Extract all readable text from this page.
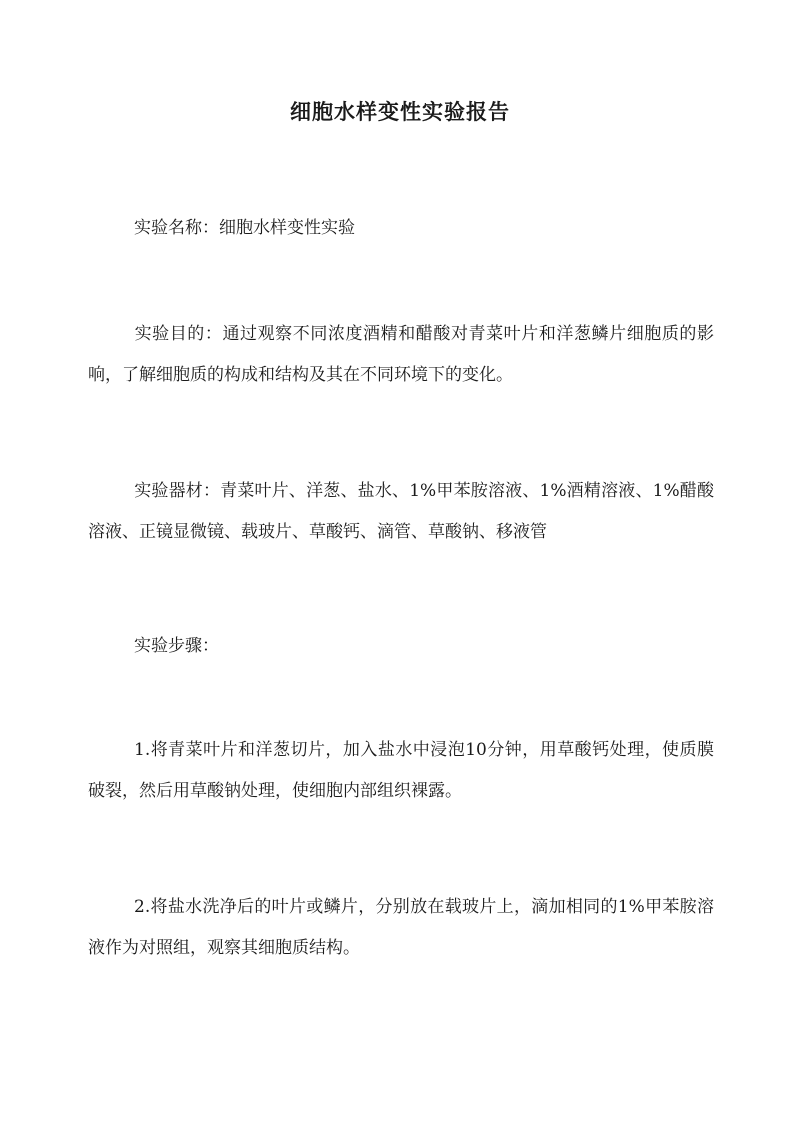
细胞水样变性实验报告

实验名称：细胞水样变性实验

实验目的：通过观察不同浓度酒精和醋酸对青菜叶片和洋葱鳞片细胞质的影响，了解细胞质的构成和结构及其在不同环境下的变化。

实验器材：青菜叶片、洋葱、盐水、1%甲苯胺溶液、1%酒精溶液、1%醋酸溶液、正镜显微镜、载玻片、草酸钙、滴管、草酸钠、移液管

实验步骤：

1.将青菜叶片和洋葱切片，加入盐水中浸泡10分钟，用草酸钙处理，使质膜破裂，然后用草酸钠处理，使细胞内部组织裸露。

2.将盐水洗净后的叶片或鳞片，分别放在载玻片上，滴加相同的1%甲苯胺溶液作为对照组，观察其细胞质结构。
